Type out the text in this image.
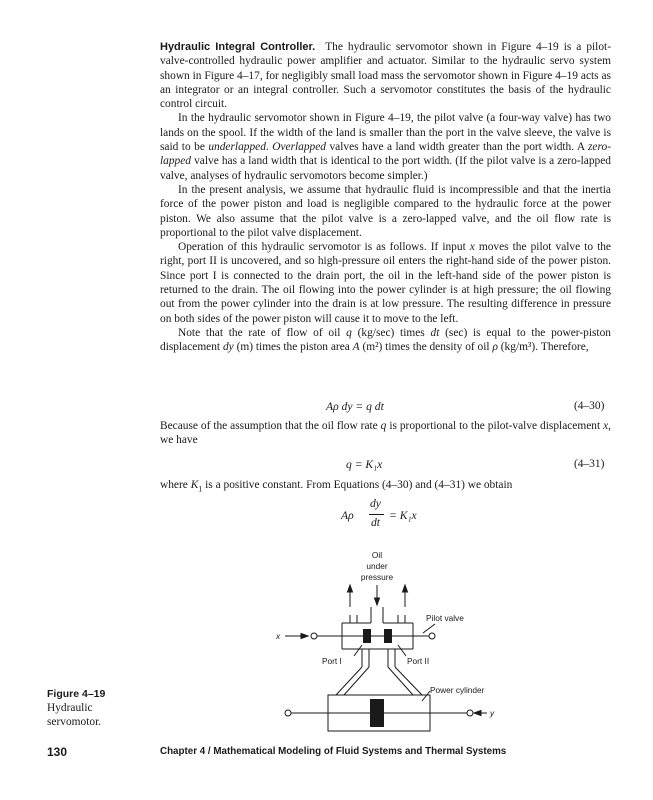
Hydraulic Integral Controller. The hydraulic servomotor shown in Figure 4–19 is a pilot-valve-controlled hydraulic power amplifier and actuator. Similar to the hydraulic servo system shown in Figure 4–17, for negligibly small load mass the servomotor shown in Figure 4–19 acts as an integrator or an integral controller. Such a servomotor constitutes the basis of the hydraulic control circuit.

In the hydraulic servomotor shown in Figure 4–19, the pilot valve (a four-way valve) has two lands on the spool. If the width of the land is smaller than the port in the valve sleeve, the valve is said to be underlapped. Overlapped valves have a land width greater than the port width. A zero-lapped valve has a land width that is identical to the port width. (If the pilot valve is a zero-lapped valve, analyses of hydraulic servomotors become simpler.)

In the present analysis, we assume that hydraulic fluid is incompressible and that the inertia force of the power piston and load is negligible compared to the hydraulic force at the power piston. We also assume that the pilot valve is a zero-lapped valve, and the oil flow rate is proportional to the pilot valve displacement.

Operation of this hydraulic servomotor is as follows. If input x moves the pilot valve to the right, port II is uncovered, and so high-pressure oil enters the right-hand side of the power piston. Since port I is connected to the drain port, the oil in the left-hand side of the power piston is returned to the drain. The oil flowing into the power cylinder is at high pressure; the oil flowing out from the power cylinder into the drain is at low pressure. The resulting difference in pressure on both sides of the power piston will cause it to move to the left.

Note that the rate of flow of oil q (kg/sec) times dt (sec) is equal to the power-piston displacement dy (m) times the piston area A (m²) times the density of oil ρ (kg/m³). Therefore,

Aρ dy = q dt	(4–30)

Because of the assumption that the oil flow rate q is proportional to the pilot-valve displacement x, we have

q = K₁x	(4–31)

where $K_1$ is a positive constant. From Equations (4–30) and (4–31) we obtain

Aρ
dy
dt
= K₁x
Oil
under
pressure
Pilot valve
x
Port I	Port II
Power cylinder
y
Figure 4–19
Hydraulic
servomotor.
130	Chapter 4 / Mathematical Modeling of Fluid Systems and Thermal Systems
